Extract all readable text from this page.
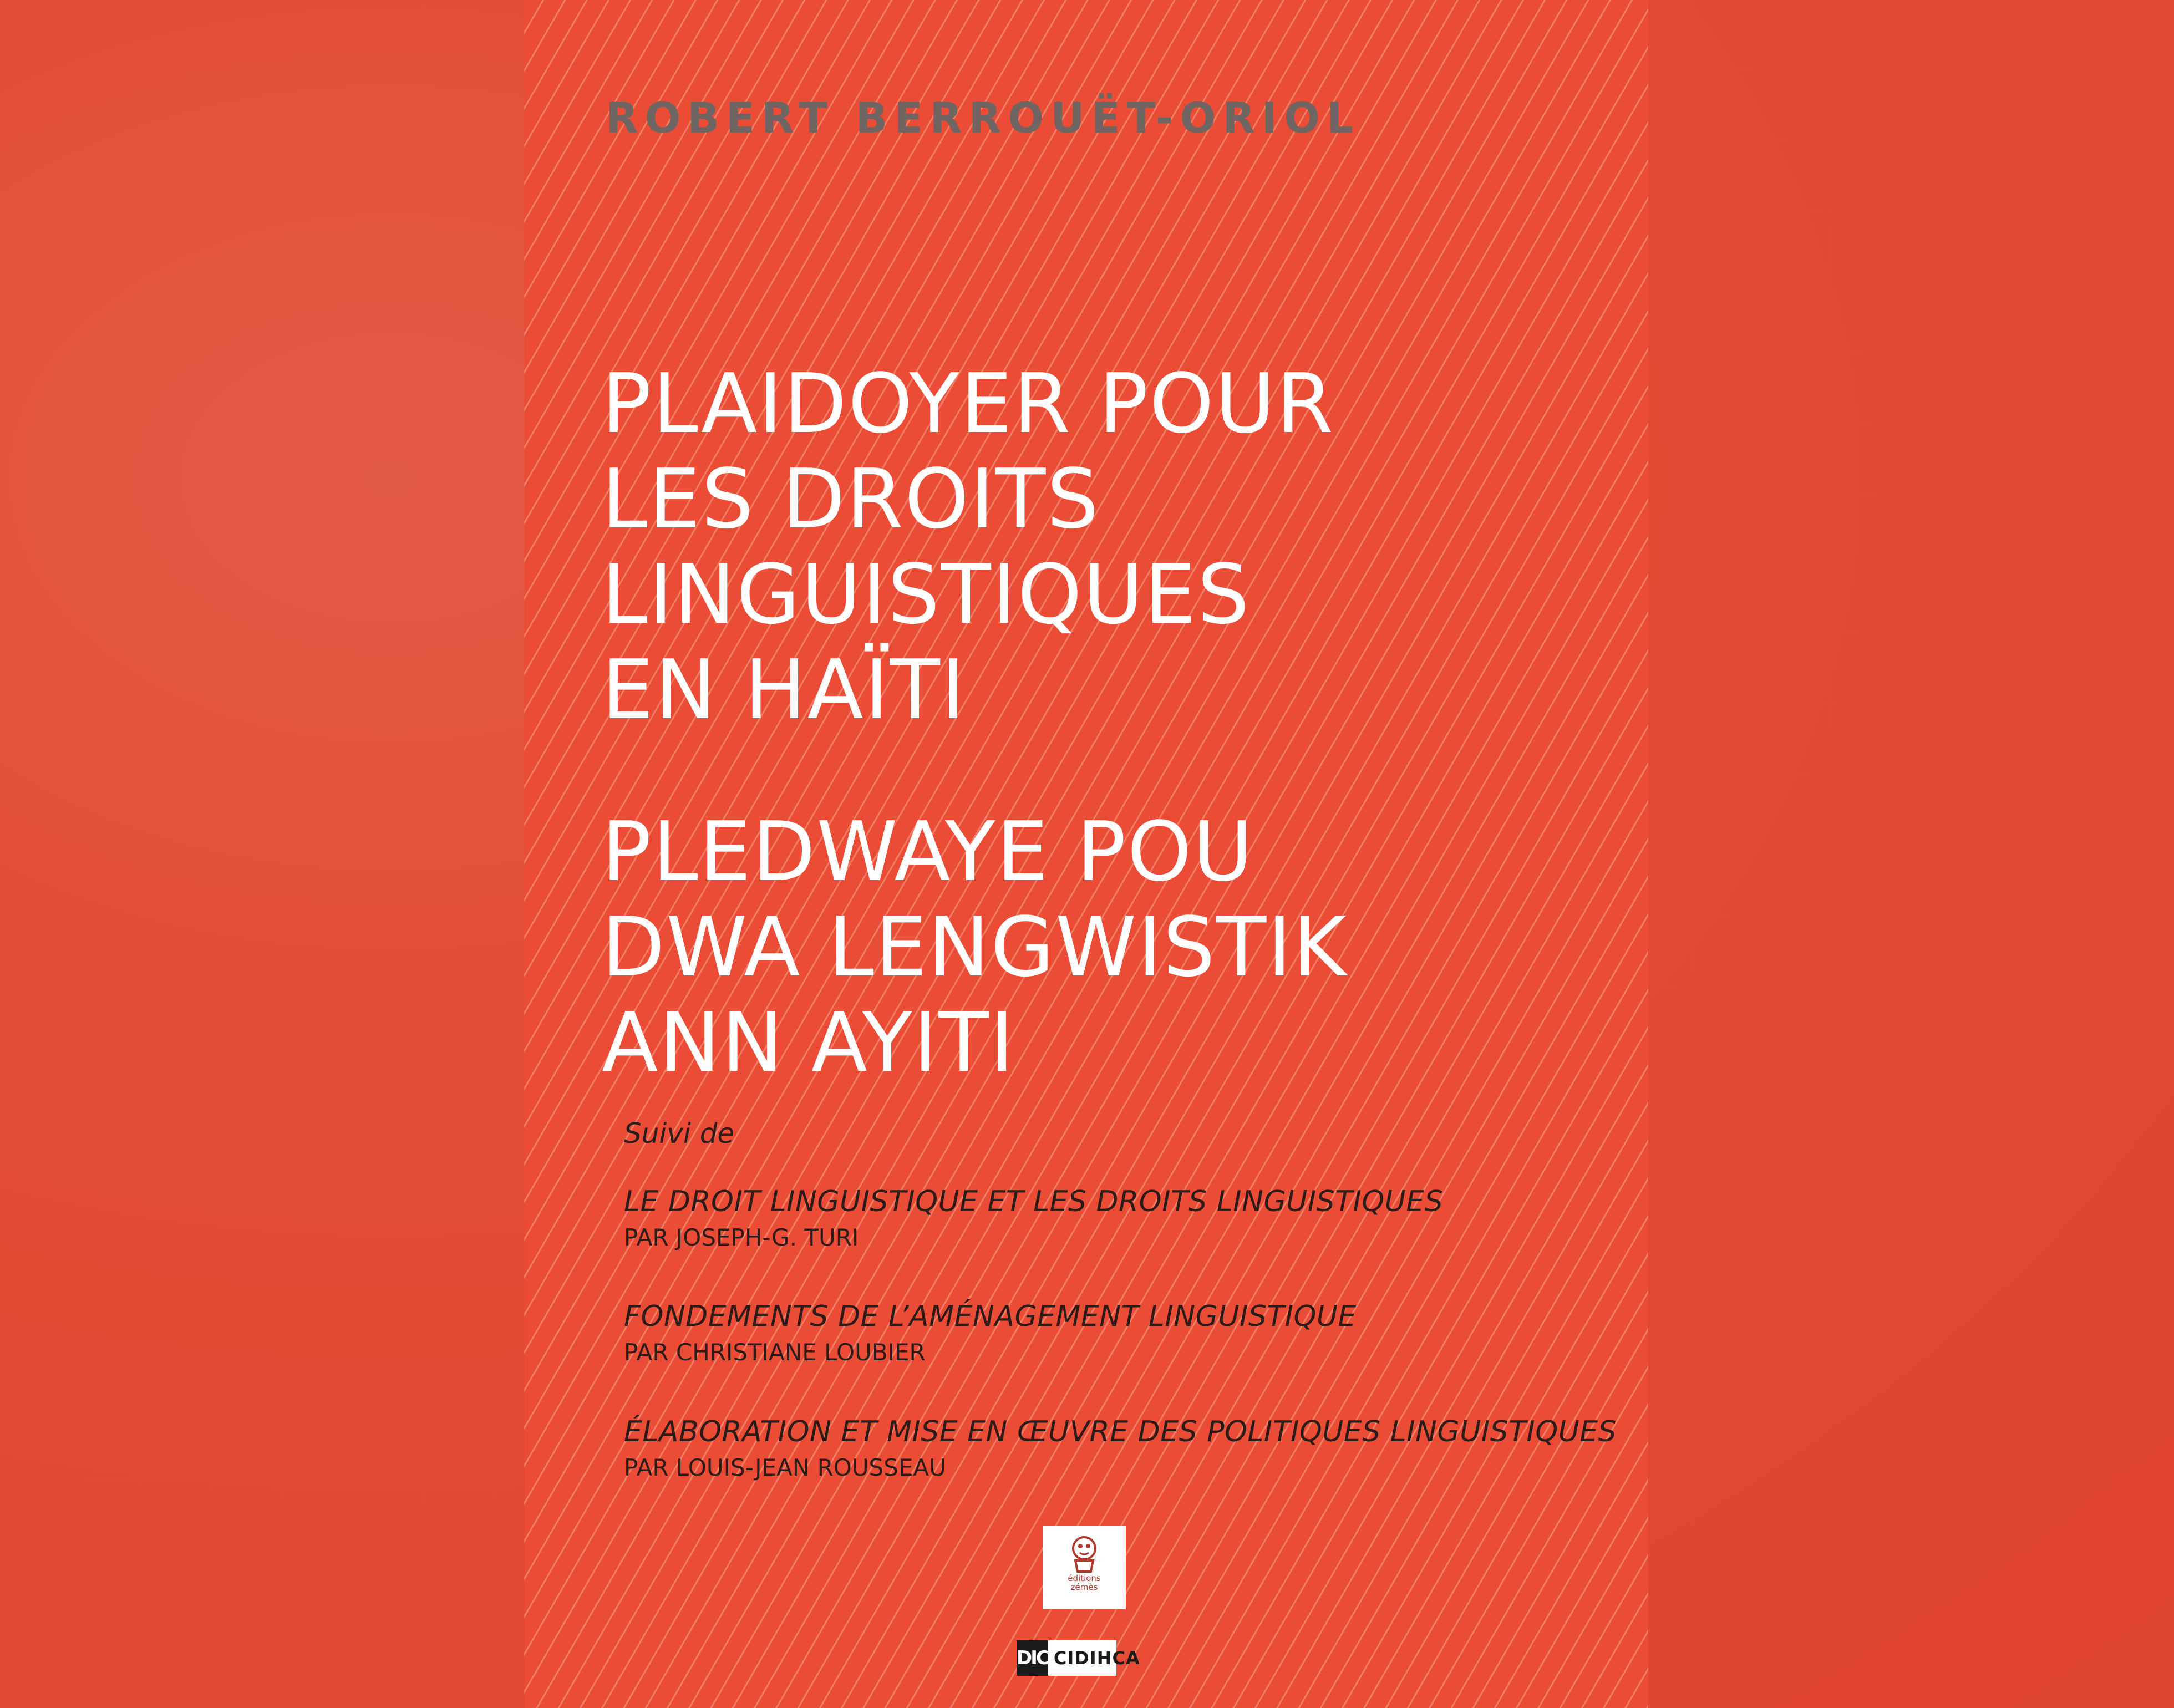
ROBERT BERROUËT-ORIOL
PLAIDOYER POUR
LES DROITS
LINGUISTIQUES
EN HAÏTI
PLEDWAYE POU
DWA LENGWISTIK
ANN AYITI
Suivi de
LE DROIT LINGUISTIQUE ET LES DROITS LINGUISTIQUES
PAR JOSEPH-G. TURI
FONDEMENTS DE L’AMÉNAGEMENT LINGUISTIQUE
PAR CHRISTIANE LOUBIER
ÉLABORATION ET MISE EN ŒUVRE DES POLITIQUES LINGUISTIQUES
PAR LOUIS-JEAN ROUSSEAU
éditions
zémès
DIC CIDIHCA
